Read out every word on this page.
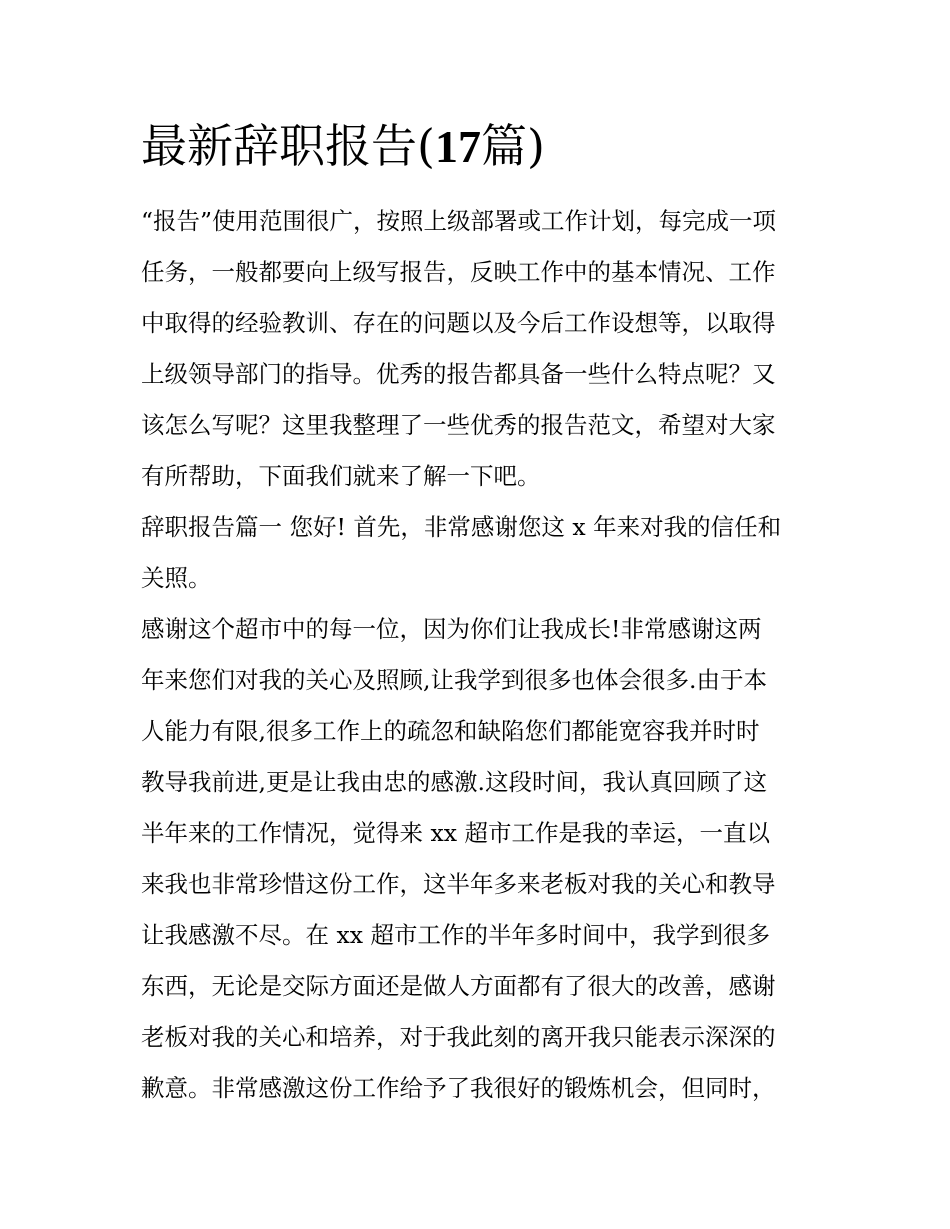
最新辞职报告(17篇)
“报告”使用范围很广，按照上级部署或工作计划，每完成一项
任务，一般都要向上级写报告，反映工作中的基本情况、工作
中取得的经验教训、存在的问题以及今后工作设想等，以取得
上级领导部门的指导。优秀的报告都具备一些什么特点呢？又
该怎么写呢？这里我整理了一些优秀的报告范文，希望对大家
有所帮助，下面我们就来了解一下吧。
辞职报告篇一 您好! 首先，非常感谢您这 x 年来对我的信任和
关照。
感谢这个超市中的每一位，因为你们让我成长!非常感谢这两
年来您们对我的关心及照顾,让我学到很多也体会很多.由于本
人能力有限,很多工作上的疏忽和缺陷您们都能宽容我并时时
教导我前进,更是让我由忠的感激.这段时间，我认真回顾了这
半年来的工作情况，觉得来 xx 超市工作是我的幸运，一直以
来我也非常珍惜这份工作，这半年多来老板对我的关心和教导
让我感激不尽。在 xx 超市工作的半年多时间中，我学到很多
东西，无论是交际方面还是做人方面都有了很大的改善，感谢
老板对我的关心和培养，对于我此刻的离开我只能表示深深的
歉意。非常感激这份工作给予了我很好的锻炼机会，但同时，
